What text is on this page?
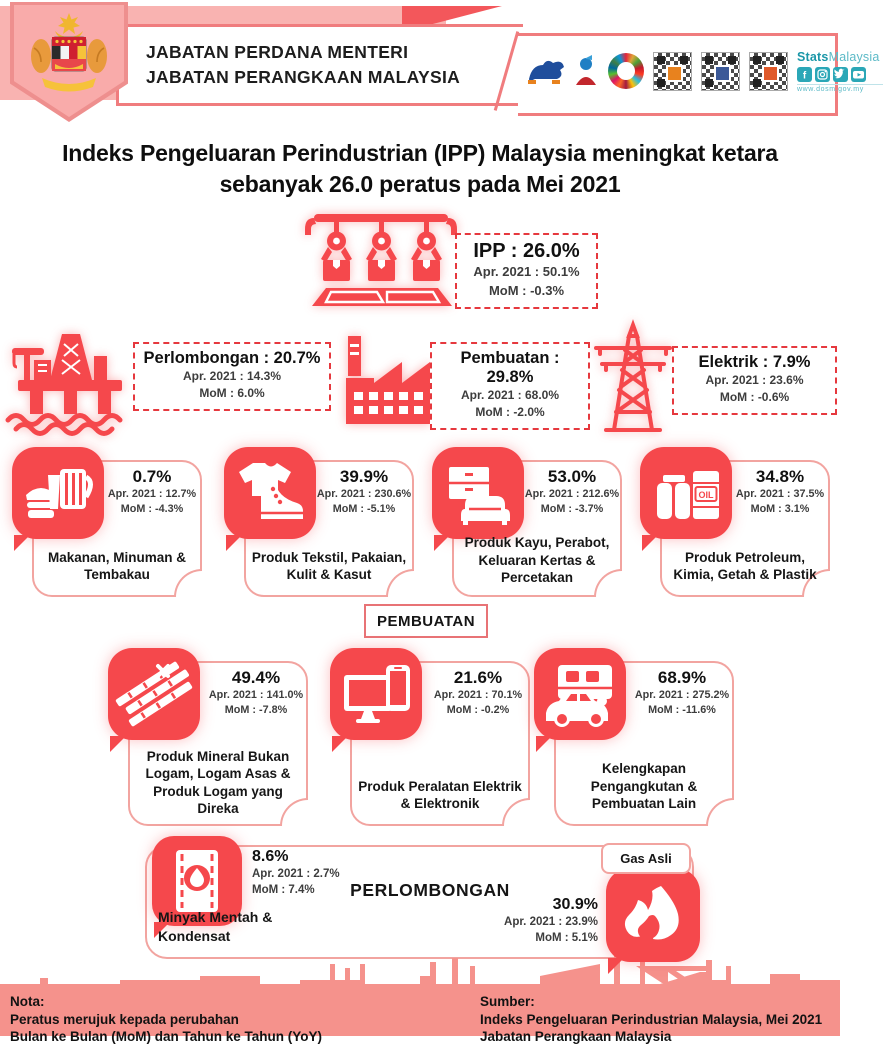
JABATAN PERDANA MENTERI
JABATAN PERANGKAAN MALAYSIA
StatsMalaysia
f
www.dosm.gov.my
Indeks Pengeluaran Perindustrian (IPP) Malaysia meningkat ketara
sebanyak 26.0 peratus pada Mei 2021
IPP : 26.0%
Apr. 2021 : 50.1%
MoM : -0.3%
Perlombongan : 20.7%
Apr. 2021 : 14.3%
MoM : 6.0%
Pembuatan : 29.8%
Apr. 2021 : 68.0%
MoM : -2.0%
Elektrik : 7.9%
Apr. 2021 : 23.6%
MoM : -0.6%
0.7%
Apr. 2021 : 12.7%
MoM : -4.3%
Makanan, Minuman & Tembakau
39.9%
Apr. 2021 : 230.6%
MoM : -5.1%
Produk Tekstil, Pakaian, Kulit & Kasut
53.0%
Apr. 2021 : 212.6%
MoM : -3.7%
Produk Kayu, Perabot, Keluaran Kertas & Percetakan
OIL
34.8%
Apr. 2021 : 37.5%
MoM : 3.1%
Produk Petroleum, Kimia, Getah & Plastik
PEMBUATAN
49.4%
Apr. 2021 : 141.0%
MoM : -7.8%
Produk Mineral Bukan Logam, Logam Asas & Produk Logam yang Direka
21.6%
Apr. 2021 : 70.1%
MoM : -0.2%
Produk Peralatan Elektrik & Elektronik
68.9%
Apr. 2021 : 275.2%
MoM : -11.6%
Kelengkapan Pengangkutan & Pembuatan Lain
8.6%
Apr. 2021 : 2.7%
MoM : 7.4%
Minyak Mentah & Kondensat
PERLOMBONGAN
Gas Asli
30.9%
Apr. 2021 : 23.9%
MoM : 5.1%
Nota:
Peratus merujuk kepada perubahan
Bulan ke Bulan (MoM) dan Tahun ke Tahun (YoY)
Sumber:
Indeks Pengeluaran Perindustrian Malaysia, Mei 2021
Jabatan Perangkaan Malaysia
